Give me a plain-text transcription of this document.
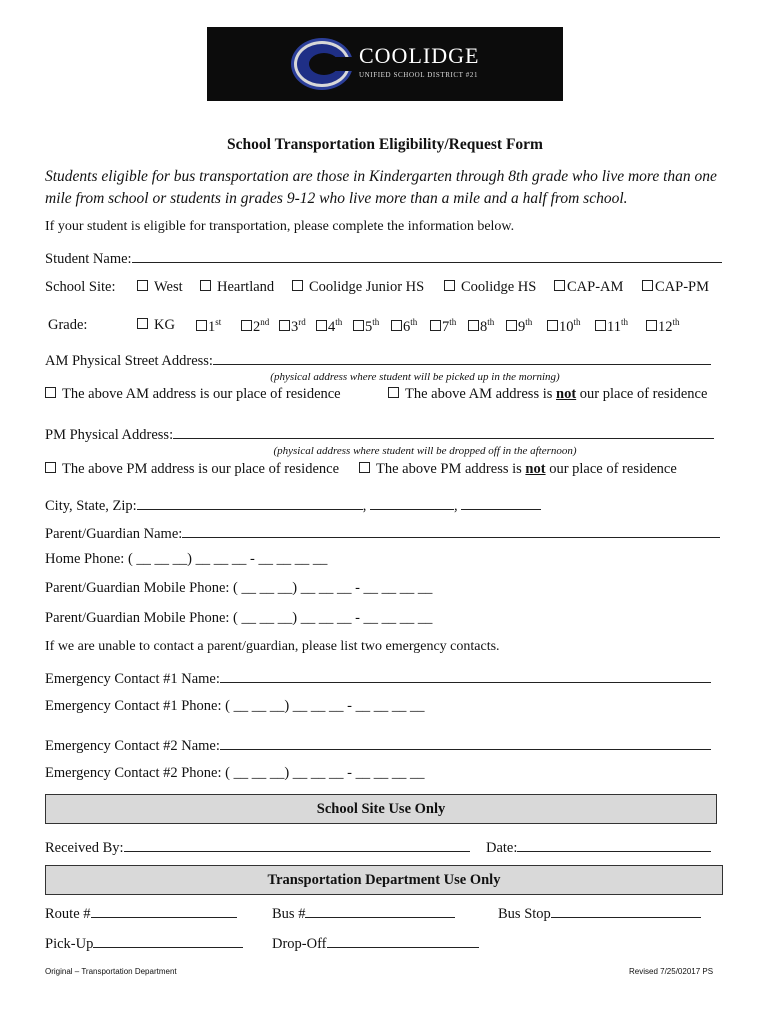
COOLIDGE
UNIFIED SCHOOL DISTRICT #21
School Transportation Eligibility/Request Form
Students eligible for bus transportation are those in Kindergarten through 8th grade who live more than one mile from school or students in grades 9-12 who live more than a mile and a half from school.
If your student is eligible for transportation, please complete the information below.
Student Name:
School Site:	West	Heartland	Coolidge Junior HS	Coolidge HS	CAP-AM	CAP-PM
Grade:	KG	1st	2nd	3rd	4th	5th	6th	7th	8th	9th	10th	11th	12th
AM Physical Street Address:
(physical address where student will be picked up in the morning)
The above AM address is our place of residence	The above AM address is not our place of residence
PM Physical Address:
(physical address where student will be dropped off in the afternoon)
The above PM address is our place of residence	The above PM address is not our place of residence
City, State, Zip:	,	,
Parent/Guardian Name:
Home Phone: ( __ __ __) __ __ __ - __ __ __ __
Parent/Guardian Mobile Phone: ( __ __ __) __ __ __ - __ __ __ __
Parent/Guardian Mobile Phone: ( __ __ __) __ __ __ - __ __ __ __
If we are unable to contact a parent/guardian, please list two emergency contacts.
Emergency Contact #1 Name:
Emergency Contact #1 Phone: ( __ __ __) __ __ __ - __ __ __ __
Emergency Contact #2 Name:
Emergency Contact #2 Phone: ( __ __ __) __ __ __ - __ __ __ __
School Site Use Only
Received By:	Date:
Transportation Department Use Only
Route #	Bus #	Bus Stop
Pick-Up	Drop-Off
Original – Transportation Department	Revised 7/25/02017 PS
